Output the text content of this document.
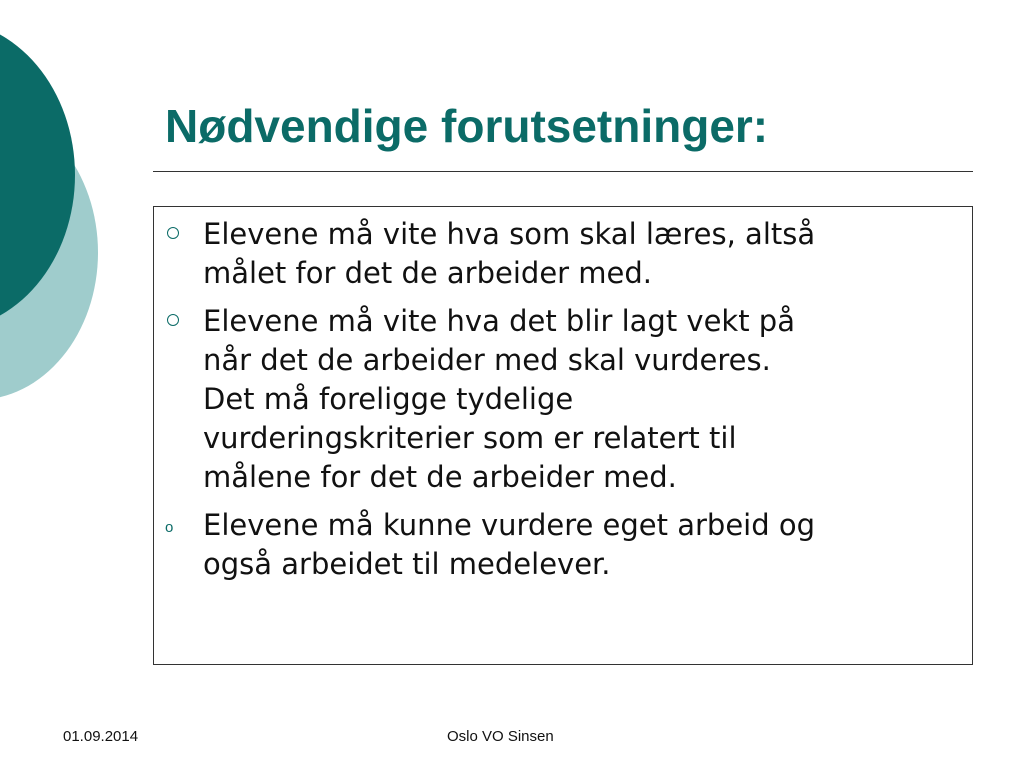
Nødvendige forutsetninger:
Elevene må vite hva som skal læres, altså
målet for det de arbeider med.
Elevene må vite hva det blir lagt vekt på
når det de arbeider med skal vurderes.
Det må foreligge tydelige
vurderingskriterier som er relatert til
målene for det de arbeider med.
o Elevene må kunne vurdere eget arbeid og
også arbeidet til medelever.
01.09.2014	Oslo VO Sinsen
